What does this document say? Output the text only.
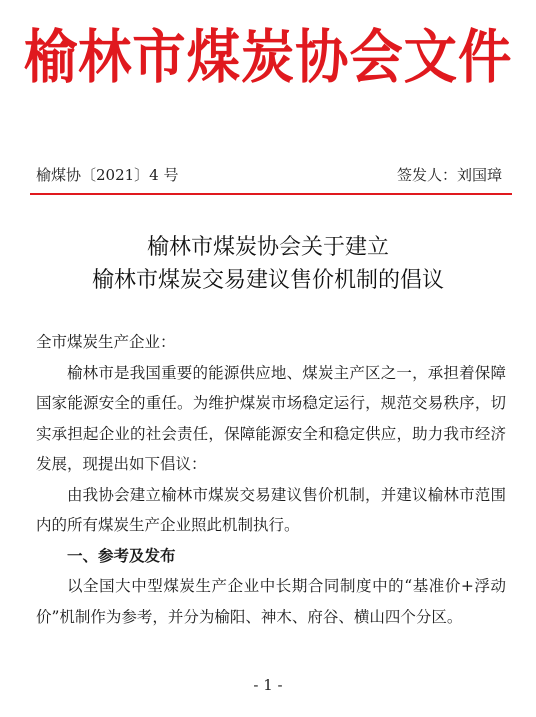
榆林市煤炭协会文件
榆煤协〔2021〕4 号	签发人：刘国璋
榆林市煤炭协会关于建立
榆林市煤炭交易建议售价机制的倡议

全市煤炭生产企业：

榆林市是我国重要的能源供应地、煤炭主产区之一，承担着保障国家能源安全的重任。为维护煤炭市场稳定运行，规范交易秩序，切实承担起企业的社会责任，保障能源安全和稳定供应，助力我市经济发展，现提出如下倡议：

由我协会建立榆林市煤炭交易建议售价机制，并建议榆林市范围内的所有煤炭生产企业照此机制执行。

一、参考及发布

以全国大中型煤炭生产企业中长期合同制度中的“基准价+浮动价”机制作为参考，并分为榆阳、神木、府谷、横山四个分区。

- 1 -
